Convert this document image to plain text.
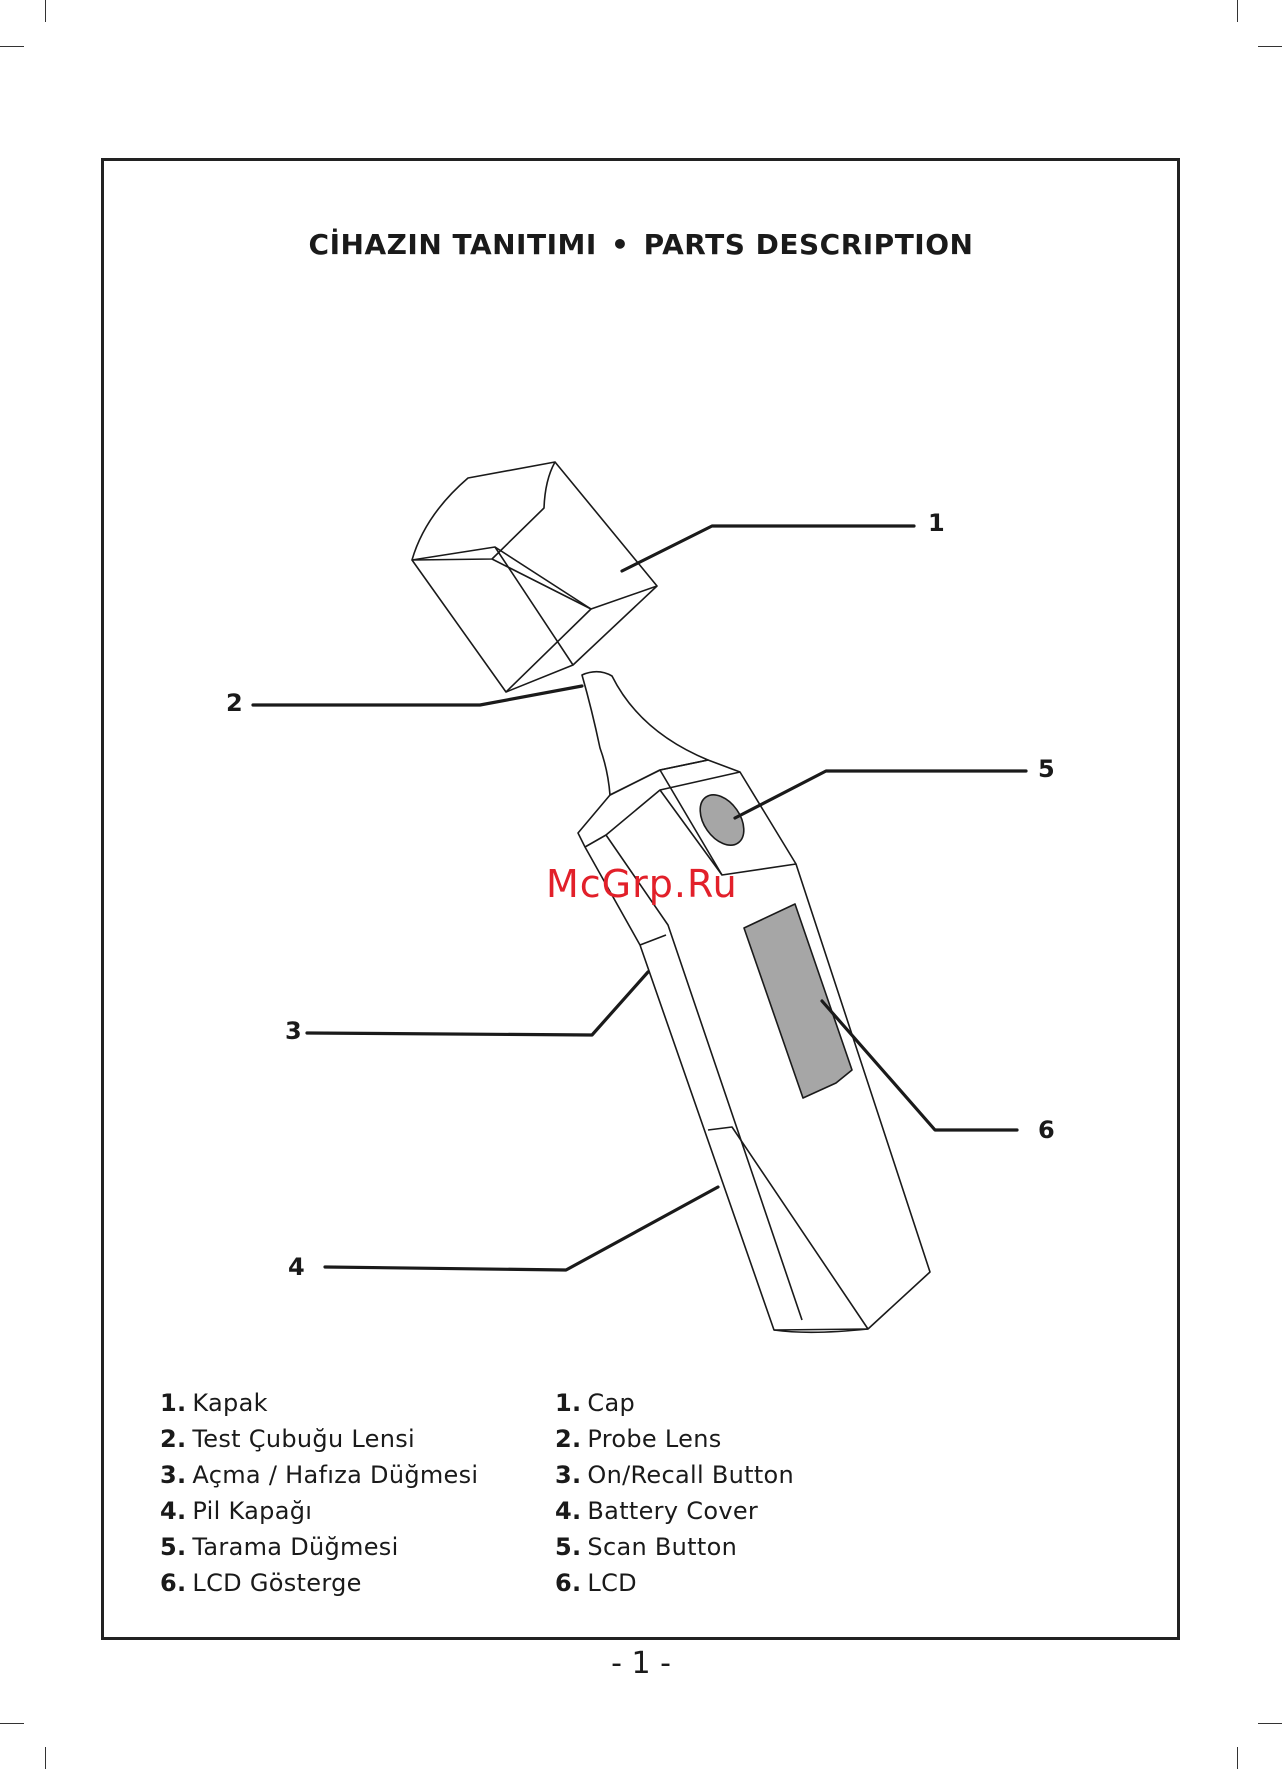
CİHAZIN TANITIMI • PARTS DESCRIPTION
1
2
3
4
5
6
McGrp.Ru
1. Kapak
2. Test Çubuğu Lensi
3. Açma / Hafıza Düğmesi
4. Pil Kapağı
5. Tarama Düğmesi
6. LCD Gösterge
1. Cap
2. Probe Lens
3. On/Recall Button
4. Battery Cover
5. Scan Button
6. LCD
- 1 -
